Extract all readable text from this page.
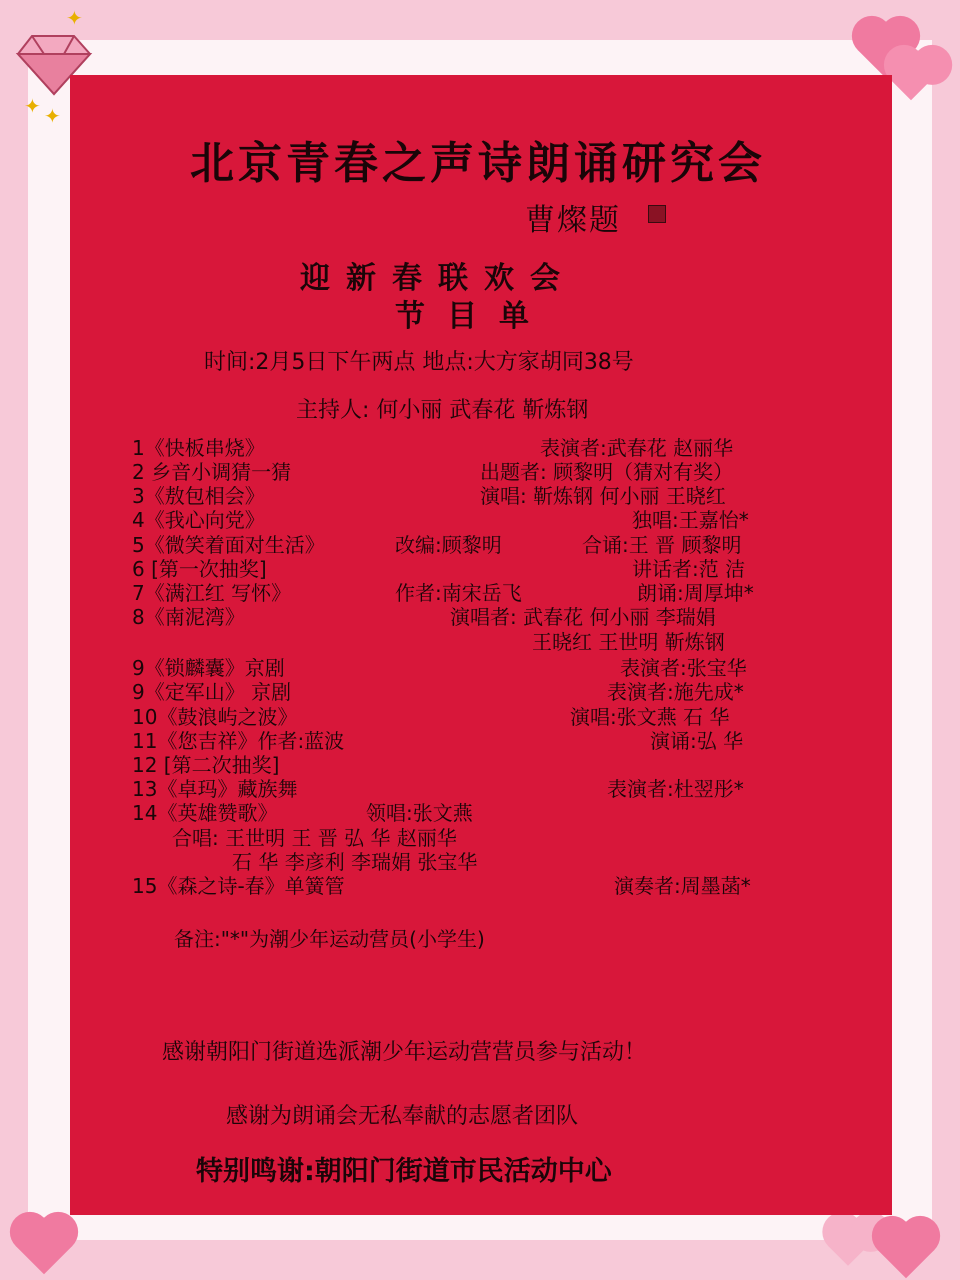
✦
✦ ✦
北京青春之声诗朗诵研究会
曹燦题
迎新春联欢会
节目单
时间:2月5日下午两点 地点:大方家胡同38号
主持人: 何小丽 武春花 靳炼钢
1《快板串烧》	表演者:武春花 赵丽华
2 乡音小调猜一猜	出题者: 顾黎明（猜对有奖）
3《敖包相会》	演唱: 靳炼钢 何小丽 王晓红
4《我心向党》	独唱:王嘉怡*
5《微笑着面对生活》	改编:顾黎明	合诵:王 晋 顾黎明
6 [第一次抽奖]	讲话者:范 洁
7《满江红 写怀》	作者:南宋岳飞	朗诵:周厚坤*
8《南泥湾》	演唱者: 武春花 何小丽 李瑞娟
王晓红 王世明 靳炼钢
9《锁麟囊》京剧	表演者:张宝华
9《定军山》 京剧	表演者:施先成*
10《鼓浪屿之波》	演唱:张文燕 石 华
11《您吉祥》作者:蓝波	演诵:弘 华
12 [第二次抽奖]
13《卓玛》藏族舞	表演者:杜翌彤*
14《英雄赞歌》	领唱:张文燕
合唱: 王世明 王 晋 弘 华 赵丽华
石 华 李彦利 李瑞娟 张宝华
15《森之诗-春》单簧管	演奏者:周墨菡*
备注:"*"为潮少年运动营员(小学生)
感谢朝阳门街道选派潮少年运动营营员参与活动！
感谢为朗诵会无私奉献的志愿者团队
特别鸣谢:朝阳门街道市民活动中心
